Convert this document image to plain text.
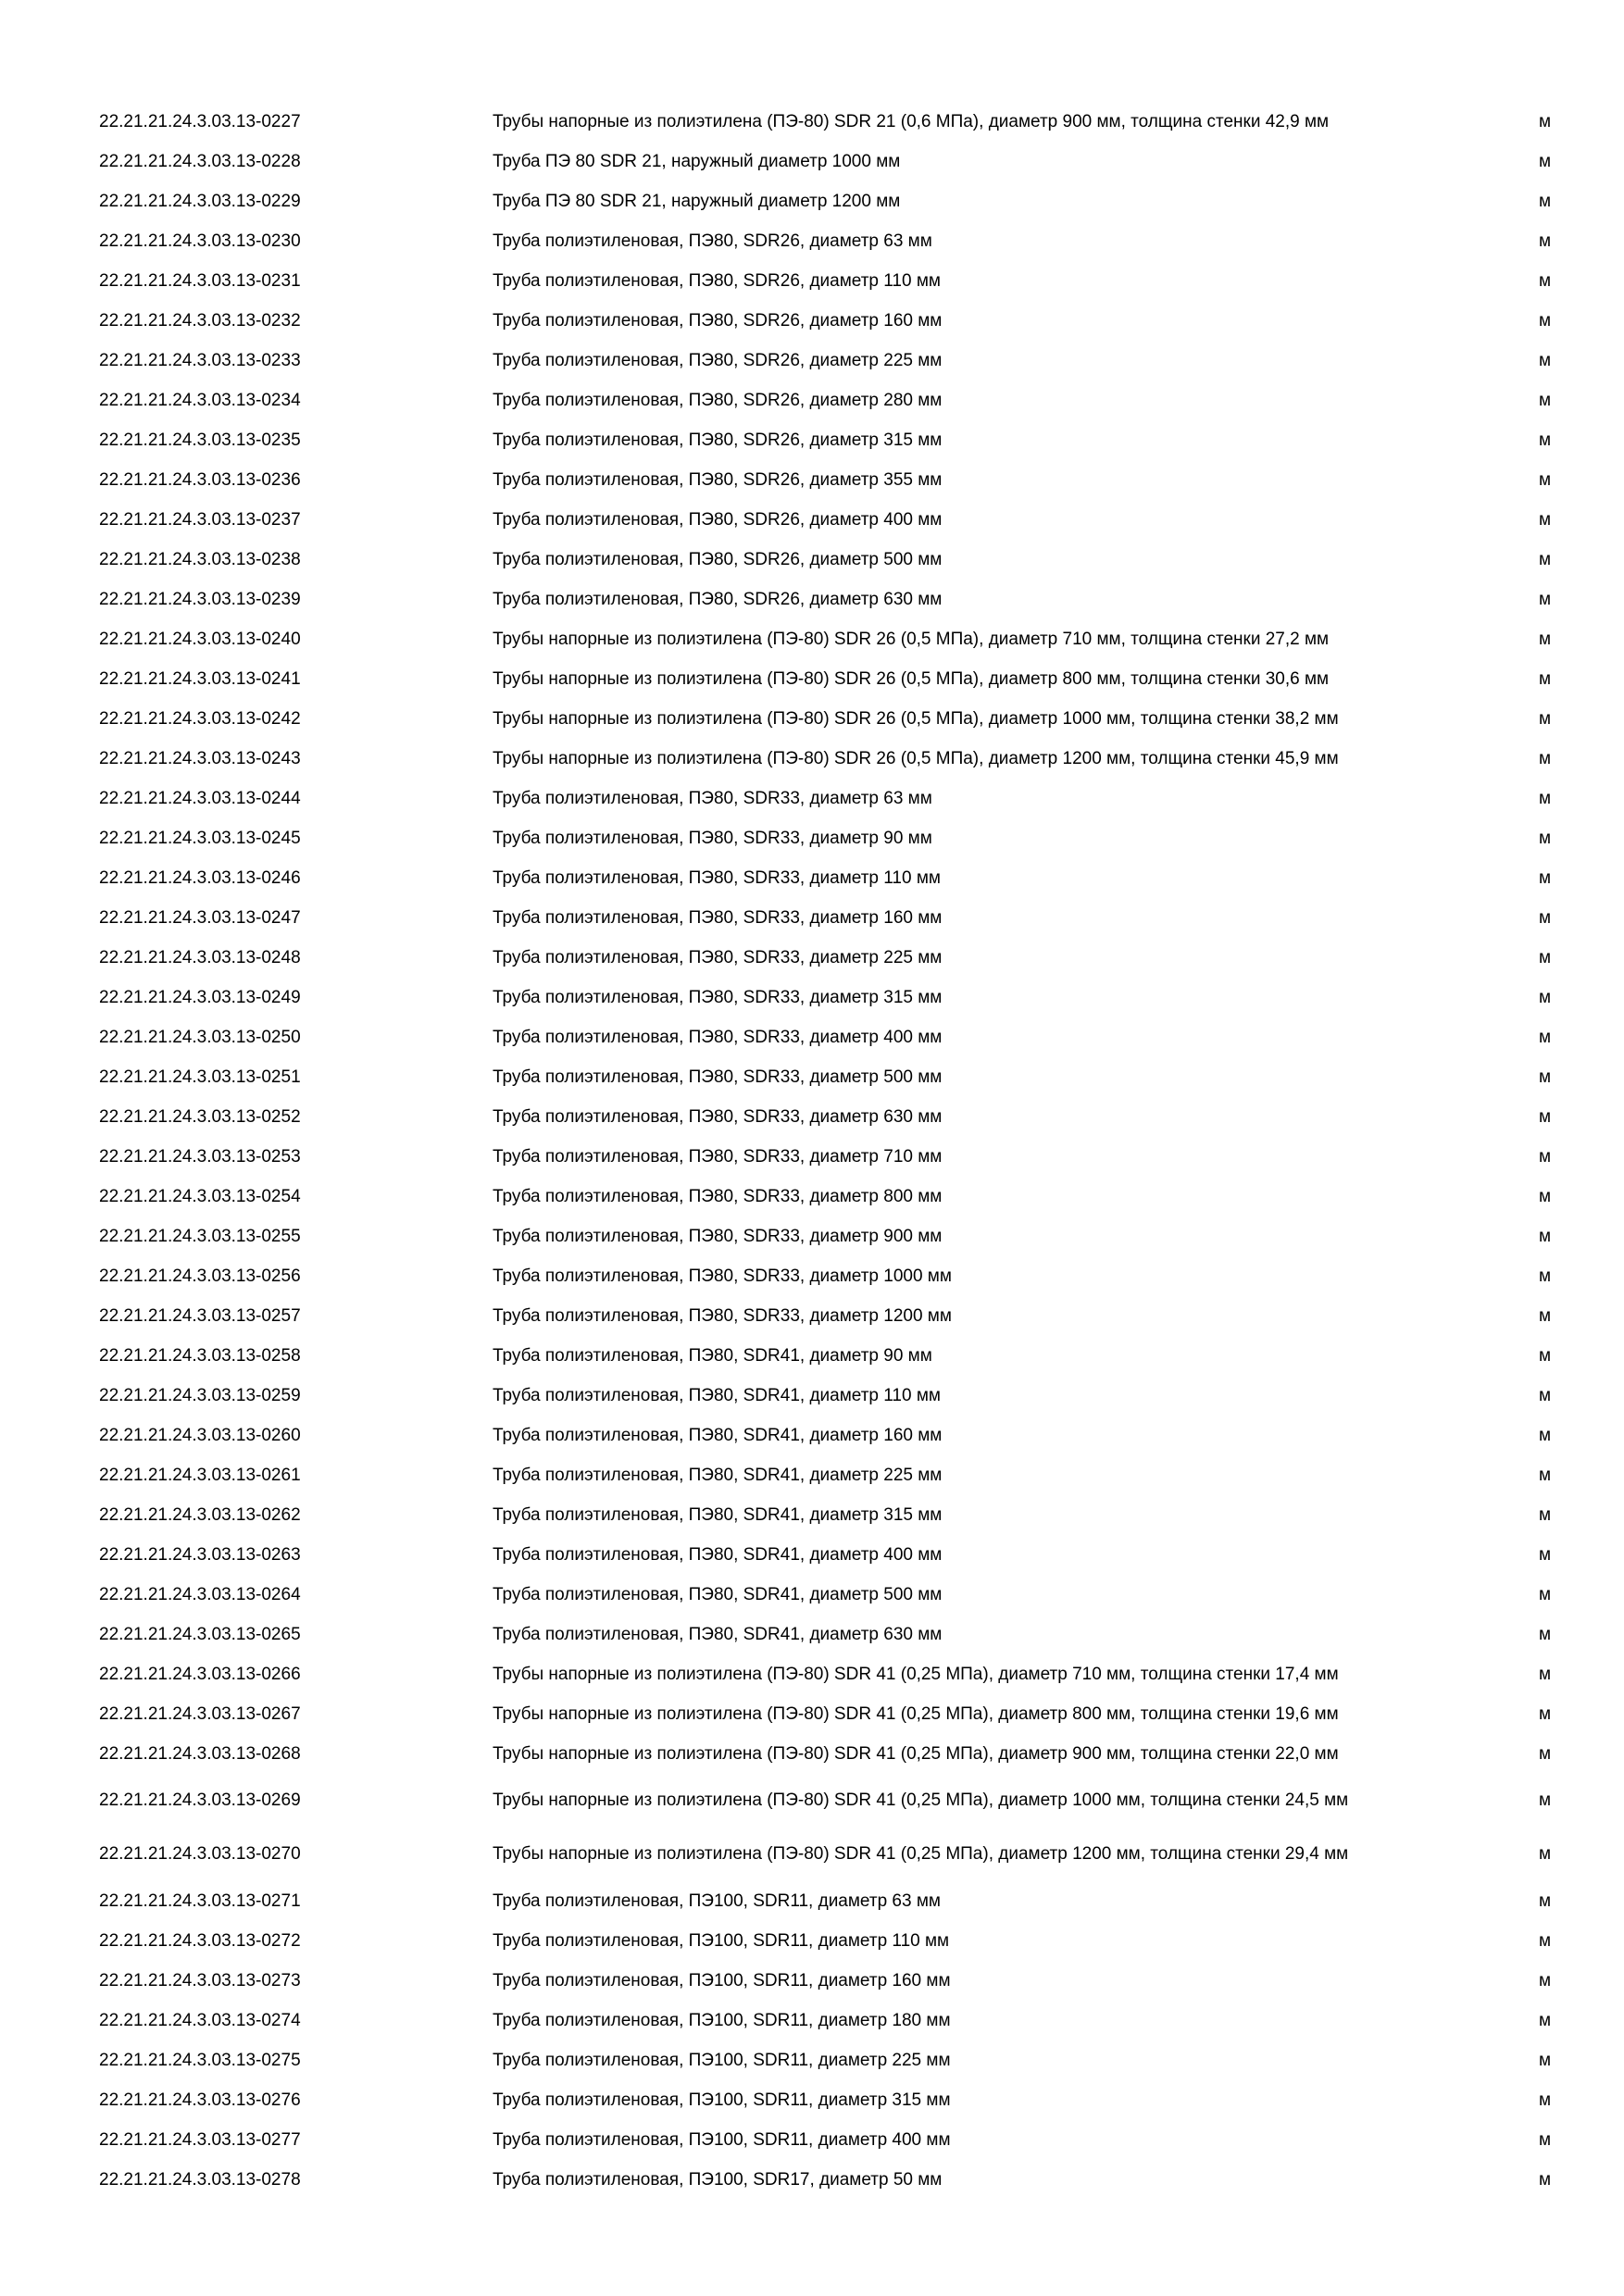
22.21.21.24.3.03.13-0227	Трубы напорные из полиэтилена (ПЭ-80) SDR 21 (0,6 МПа), диаметр 900 мм, толщина стенки 42,9 мм	м
22.21.21.24.3.03.13-0228	Труба ПЭ 80 SDR 21, наружный диаметр 1000 мм	м
22.21.21.24.3.03.13-0229	Труба ПЭ 80 SDR 21, наружный диаметр 1200 мм	м
22.21.21.24.3.03.13-0230	Труба полиэтиленовая, ПЭ80, SDR26, диаметр 63 мм	м
22.21.21.24.3.03.13-0231	Труба полиэтиленовая, ПЭ80, SDR26, диаметр 110 мм	м
22.21.21.24.3.03.13-0232	Труба полиэтиленовая, ПЭ80, SDR26, диаметр 160 мм	м
22.21.21.24.3.03.13-0233	Труба полиэтиленовая, ПЭ80, SDR26, диаметр 225 мм	м
22.21.21.24.3.03.13-0234	Труба полиэтиленовая, ПЭ80, SDR26, диаметр 280 мм	м
22.21.21.24.3.03.13-0235	Труба полиэтиленовая, ПЭ80, SDR26, диаметр 315 мм	м
22.21.21.24.3.03.13-0236	Труба полиэтиленовая, ПЭ80, SDR26, диаметр 355 мм	м
22.21.21.24.3.03.13-0237	Труба полиэтиленовая, ПЭ80, SDR26, диаметр 400 мм	м
22.21.21.24.3.03.13-0238	Труба полиэтиленовая, ПЭ80, SDR26, диаметр 500 мм	м
22.21.21.24.3.03.13-0239	Труба полиэтиленовая, ПЭ80, SDR26, диаметр 630 мм	м
22.21.21.24.3.03.13-0240	Трубы напорные из полиэтилена (ПЭ-80) SDR 26 (0,5 МПа), диаметр 710 мм, толщина стенки 27,2 мм	м
22.21.21.24.3.03.13-0241	Трубы напорные из полиэтилена (ПЭ-80) SDR 26 (0,5 МПа), диаметр 800 мм, толщина стенки 30,6 мм	м
22.21.21.24.3.03.13-0242	Трубы напорные из полиэтилена (ПЭ-80) SDR 26 (0,5 МПа), диаметр 1000 мм, толщина стенки 38,2 мм	м
22.21.21.24.3.03.13-0243	Трубы напорные из полиэтилена (ПЭ-80) SDR 26 (0,5 МПа), диаметр 1200 мм, толщина стенки 45,9 мм	м
22.21.21.24.3.03.13-0244	Труба полиэтиленовая, ПЭ80, SDR33, диаметр 63 мм	м
22.21.21.24.3.03.13-0245	Труба полиэтиленовая, ПЭ80, SDR33, диаметр 90 мм	м
22.21.21.24.3.03.13-0246	Труба полиэтиленовая, ПЭ80, SDR33, диаметр 110 мм	м
22.21.21.24.3.03.13-0247	Труба полиэтиленовая, ПЭ80, SDR33, диаметр 160 мм	м
22.21.21.24.3.03.13-0248	Труба полиэтиленовая, ПЭ80, SDR33, диаметр 225 мм	м
22.21.21.24.3.03.13-0249	Труба полиэтиленовая, ПЭ80, SDR33, диаметр 315 мм	м
22.21.21.24.3.03.13-0250	Труба полиэтиленовая, ПЭ80, SDR33, диаметр 400 мм	м
22.21.21.24.3.03.13-0251	Труба полиэтиленовая, ПЭ80, SDR33, диаметр 500 мм	м
22.21.21.24.3.03.13-0252	Труба полиэтиленовая, ПЭ80, SDR33, диаметр 630 мм	м
22.21.21.24.3.03.13-0253	Труба полиэтиленовая, ПЭ80, SDR33, диаметр 710 мм	м
22.21.21.24.3.03.13-0254	Труба полиэтиленовая, ПЭ80, SDR33, диаметр 800 мм	м
22.21.21.24.3.03.13-0255	Труба полиэтиленовая, ПЭ80, SDR33, диаметр 900 мм	м
22.21.21.24.3.03.13-0256	Труба полиэтиленовая, ПЭ80, SDR33, диаметр 1000 мм	м
22.21.21.24.3.03.13-0257	Труба полиэтиленовая, ПЭ80, SDR33, диаметр 1200 мм	м
22.21.21.24.3.03.13-0258	Труба полиэтиленовая, ПЭ80, SDR41, диаметр 90 мм	м
22.21.21.24.3.03.13-0259	Труба полиэтиленовая, ПЭ80, SDR41, диаметр 110 мм	м
22.21.21.24.3.03.13-0260	Труба полиэтиленовая, ПЭ80, SDR41, диаметр 160 мм	м
22.21.21.24.3.03.13-0261	Труба полиэтиленовая, ПЭ80, SDR41, диаметр 225 мм	м
22.21.21.24.3.03.13-0262	Труба полиэтиленовая, ПЭ80, SDR41, диаметр 315 мм	м
22.21.21.24.3.03.13-0263	Труба полиэтиленовая, ПЭ80, SDR41, диаметр 400 мм	м
22.21.21.24.3.03.13-0264	Труба полиэтиленовая, ПЭ80, SDR41, диаметр 500 мм	м
22.21.21.24.3.03.13-0265	Труба полиэтиленовая, ПЭ80, SDR41, диаметр 630 мм	м
22.21.21.24.3.03.13-0266	Трубы напорные из полиэтилена (ПЭ-80) SDR 41 (0,25 МПа), диаметр 710 мм, толщина стенки 17,4 мм	м
22.21.21.24.3.03.13-0267	Трубы напорные из полиэтилена (ПЭ-80) SDR 41 (0,25 МПа), диаметр 800 мм, толщина стенки 19,6 мм	м
22.21.21.24.3.03.13-0268	Трубы напорные из полиэтилена (ПЭ-80) SDR 41 (0,25 МПа), диаметр 900 мм, толщина стенки 22,0 мм	м
22.21.21.24.3.03.13-0269	Трубы напорные из полиэтилена (ПЭ-80) SDR 41 (0,25 МПа), диаметр 1000 мм, толщина стенки 24,5 мм	м
22.21.21.24.3.03.13-0270	Трубы напорные из полиэтилена (ПЭ-80) SDR 41 (0,25 МПа), диаметр 1200 мм, толщина стенки 29,4 мм	м
22.21.21.24.3.03.13-0271	Труба полиэтиленовая, ПЭ100, SDR11, диаметр 63 мм	м
22.21.21.24.3.03.13-0272	Труба полиэтиленовая, ПЭ100, SDR11, диаметр 110 мм	м
22.21.21.24.3.03.13-0273	Труба полиэтиленовая, ПЭ100, SDR11, диаметр 160 мм	м
22.21.21.24.3.03.13-0274	Труба полиэтиленовая, ПЭ100, SDR11, диаметр 180 мм	м
22.21.21.24.3.03.13-0275	Труба полиэтиленовая, ПЭ100, SDR11, диаметр 225 мм	м
22.21.21.24.3.03.13-0276	Труба полиэтиленовая, ПЭ100, SDR11, диаметр 315 мм	м
22.21.21.24.3.03.13-0277	Труба полиэтиленовая, ПЭ100, SDR11, диаметр 400 мм	м
22.21.21.24.3.03.13-0278	Труба полиэтиленовая, ПЭ100, SDR17, диаметр 50 мм	м
